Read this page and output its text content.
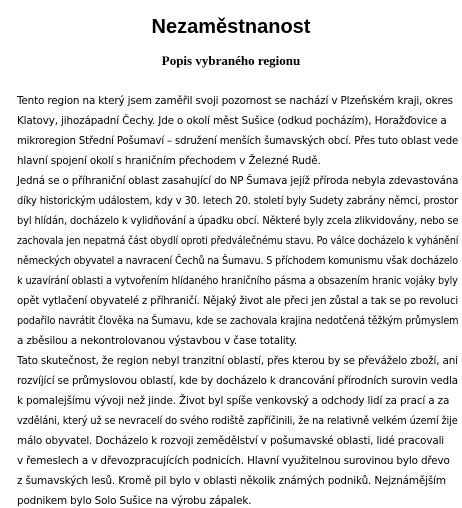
Nezaměstnanost
Popis vybraného regionu
Tento region na který jsem zaměřil svoji pozornost se nachází v Plzeňském kraji, okres
Klatovy, jihozápadní Čechy. Jde o okolí měst Sušice (odkud pocházím), Horažďovice a
mikroregion Střední Pošumaví – sdružení menších šumavských obcí. Přes tuto oblast vede
hlavní spojení okolí s hraničním přechodem v Železné Rudě.
Jedná se o příhraniční oblast zasahující do NP Šumava jejíž příroda nebyla zdevastována
díky historickým událostem, kdy v 30. letech 20. století byly Sudety zabrány němci, prostor
byl hlídán, docházelo k vylidňování a úpadku obcí. Některé byly zcela zlikvidovány, nebo se
zachovala jen nepatrná část obydlí oproti předválečnému stavu. Po válce docházelo k vyhánění
německých obyvatel a navracení Čechů na Šumavu. S příchodem komunismu však docházelo
k uzavírání oblasti a vytvořením hlídaného hraničního pásma a obsazením hranic vojáky byly
opět vytlačení obyvatelé z příhraničí. Nějaký život ale přeci jen zůstal a tak se po revoluci
podařilo navrátit člověka na Šumavu, kde se zachovala krajina nedotčená těžkým průmyslem
a zběsilou a nekontrolovanou výstavbou v čase totality.
Tato skutečnost, že region nebyl tranzitní oblastí, přes kterou by se převáželo zboží, ani
rozvíjící se průmyslovou oblastí, kde by docházelo k drancování přírodních surovin vedla
k pomalejšímu vývoji než jinde. Život byl spíše venkovský a odchody lidí za prací a za
vzděláni, který už se nevracelí do svého rodiště zapříčinili, že na relativně velkém území žije
málo obyvatel. Docházelo k rozvoji zemědělství v pošumavské oblasti, lidé pracovali
v řemeslech a v dřevozpracujících podnicích. Hlavní využitelnou surovinou bylo dřevo
z šumavských lesů. Kromě pil bylo v oblasti několik známých podniků. Nejznámějším
podnikem bylo Solo Sušice na výrobu zápalek.
